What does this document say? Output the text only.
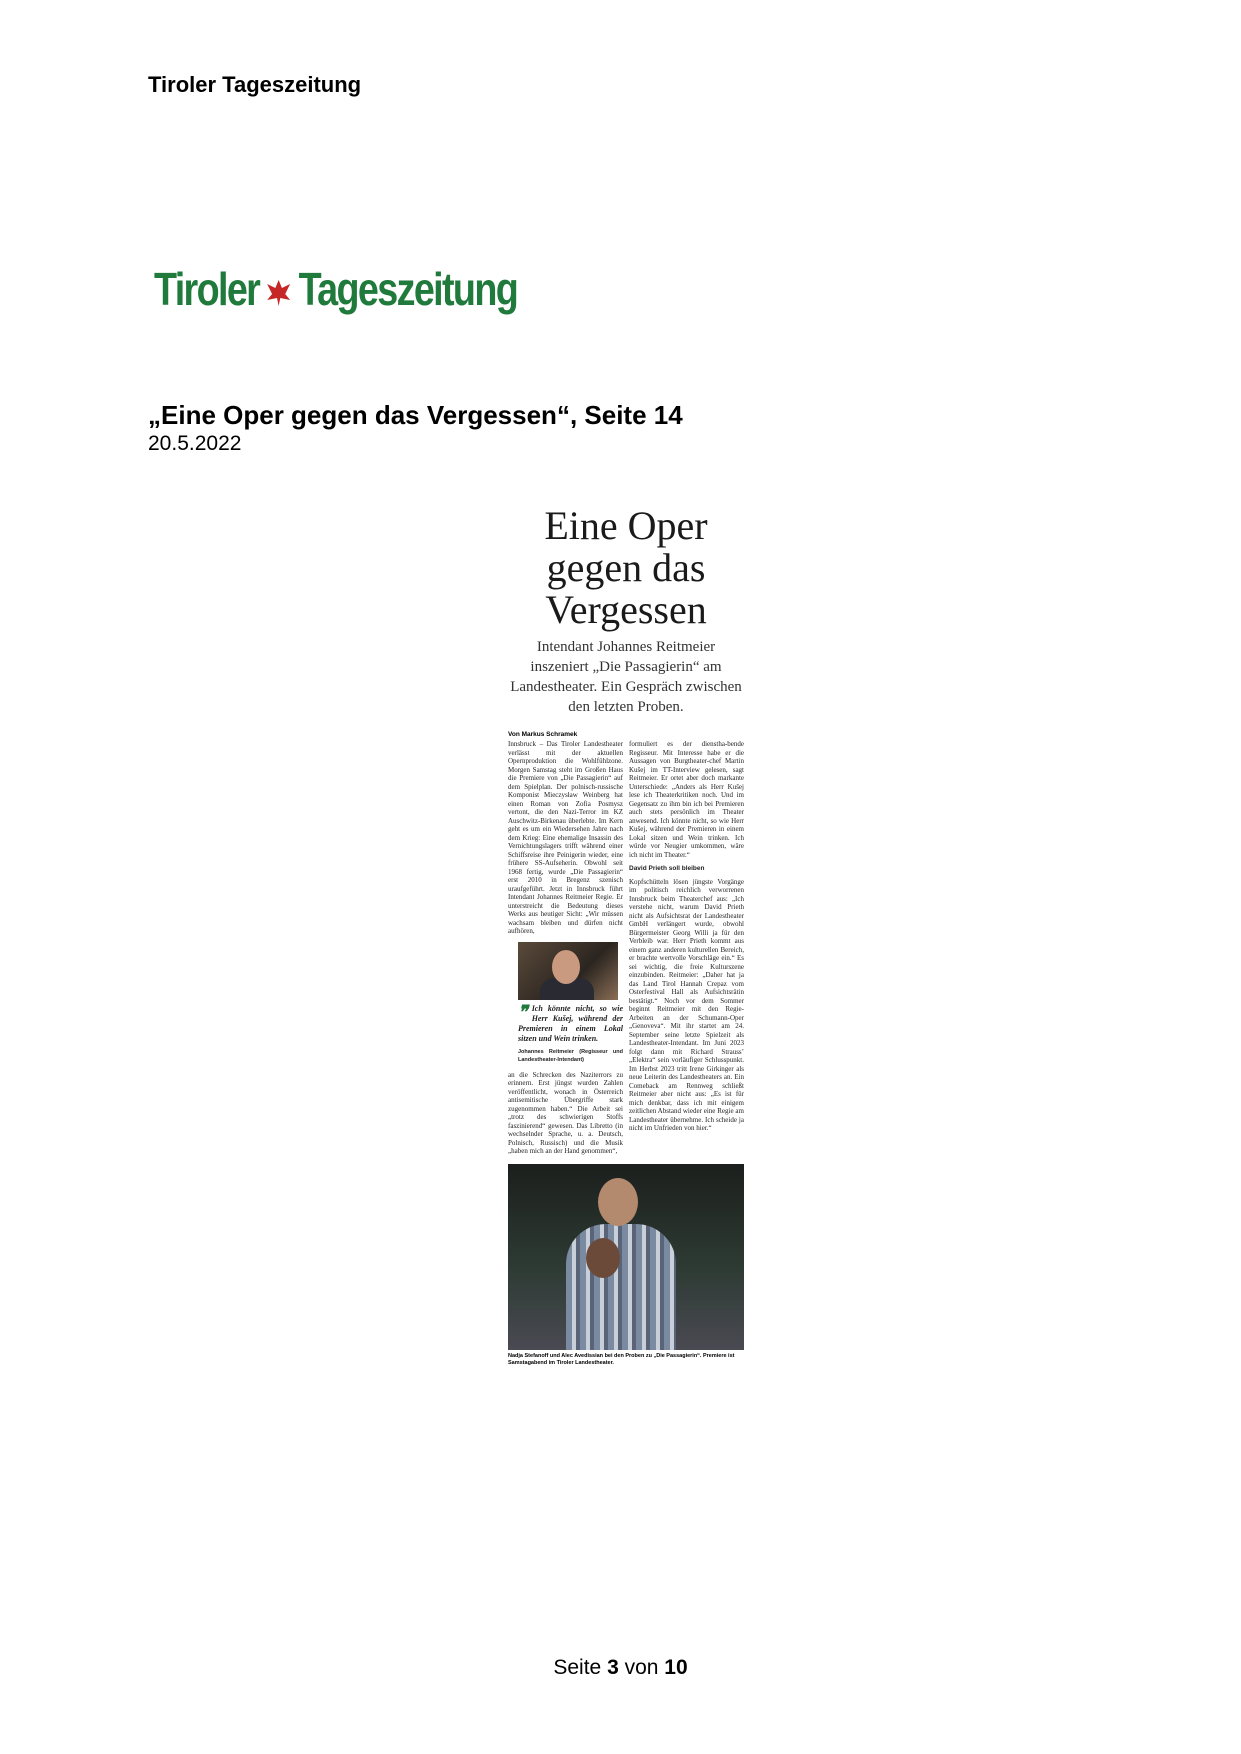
Tiroler Tageszeitung
Tiroler Tageszeitung
„Eine Oper gegen das Vergessen“, Seite 14
20.5.2022
Eine Oper gegen das Vergessen
Intendant Johannes Reitmeier inszeniert „Die Passagierin“ am Landestheater. Ein Gespräch zwischen den letzten Proben.
Von Markus Schramek

Innsbruck – Das Tiroler Landestheater verlässt mit der aktuellen Opernproduktion die Wohlfühlzone. Morgen Samstag steht im Großen Haus die Premiere von „Die Passagierin“ auf dem Spielplan. Der polnisch-russische Komponist Mieczysław Weinberg hat einen Roman von Zofia Posmysz vertont, die den Nazi-Terror im KZ Auschwitz-Birkenau überlebte. Im Kern geht es um ein Wiedersehen Jahre nach dem Krieg: Eine ehemalige Insassin des Vernichtungslagers trifft während einer Schiffsreise ihre Peinigerin wieder, eine frühere SS-Aufseherin. Obwohl seit 1968 fertig, wurde „Die Passagierin“ erst 2010 in Bregenz szenisch uraufgeführt. Jetzt in Innsbruck führt Intendant Johannes Reitmeier Regie. Er unterstreicht die Bedeutung dieses Werks aus heutiger Sicht: „Wir müssen wachsam bleiben und dürfen nicht aufhören,

❞ Ich könnte nicht, so wie Herr Kušej, während der Premieren in einem Lokal sitzen und Wein trinken.
Johannes Reitmeier (Regisseur und Landestheater-Intendant)

an die Schrecken des Naziterrors zu erinnern. Erst jüngst wurden Zahlen veröffentlicht, wonach in Österreich antisemitische Übergriffe stark zugenommen haben.“ Die Arbeit sei „trotz des schwierigen Stoffs faszinierend“ gewesen. Das Libretto (in wechselnder Sprache, u. a. Deutsch, Polnisch, Russisch) und die Musik „haben mich an der Hand genommen“,

formuliert es der dienstha-bende Regisseur. Mit Interesse habe er die Aussagen von Burgtheater-chef Martin Kušej im TT-Interview gelesen, sagt Reitmeier. Er ortet aber doch markante Unterschiede: „Anders als Herr Kušej lese ich Theaterkritiken noch. Und im Gegensatz zu ihm bin ich bei Premieren auch stets persönlich im Theater anwesend. Ich könnte nicht, so wie Herr Kušej, während der Premieren in einem Lokal sitzen und Wein trinken. Ich würde vor Neugier umkommen, wäre ich nicht im Theater.“

David Prieth soll bleiben

Kopfschütteln lösen jüngste Vorgänge im politisch reichlich verworrenen Innsbruck beim Theaterchef aus: „Ich verstehe nicht, warum David Prieth nicht als Aufsichtsrat der Landestheater GmbH verlängert wurde, obwohl Bürgermeister Georg Willi ja für den Verbleib war. Herr Prieth kommt aus einem ganz anderen kulturellen Bereich, er brachte wertvolle Vorschläge ein.“ Es sei wichtig, die freie Kulturszene einzubinden. Reitmeier: „Daher hat ja das Land Tirol Hannah Crepaz vom Osterfestival Hall als Aufsichtsrätin bestätigt.“ Noch vor dem Sommer beginnt Reitmeier mit den Regie-Arbeiten an der Schumann-Oper „Genoveva“. Mit ihr startet am 24. September seine letzte Spielzeit als Landestheater-Intendant. Im Juni 2023 folgt dann mit Richard Strauss’ „Elektra“ sein vorläufiger Schlusspunkt. Im Herbst 2023 tritt Irene Girkinger als neue Leiterin des Landestheaters an. Ein Comeback am Rennweg schließt Reitmeier aber nicht aus: „Es ist für mich denkbar, dass ich mit einigem zeitlichen Abstand wieder eine Regie am Landestheater übernehme. Ich scheide ja nicht im Unfrieden von hier.“

Nadja Stefanoff und Alec Avedissian bei den Proben zu „Die Passagierin“. Premiere ist Samstagabend im Tiroler Landestheater.
Seite 3 von 10
